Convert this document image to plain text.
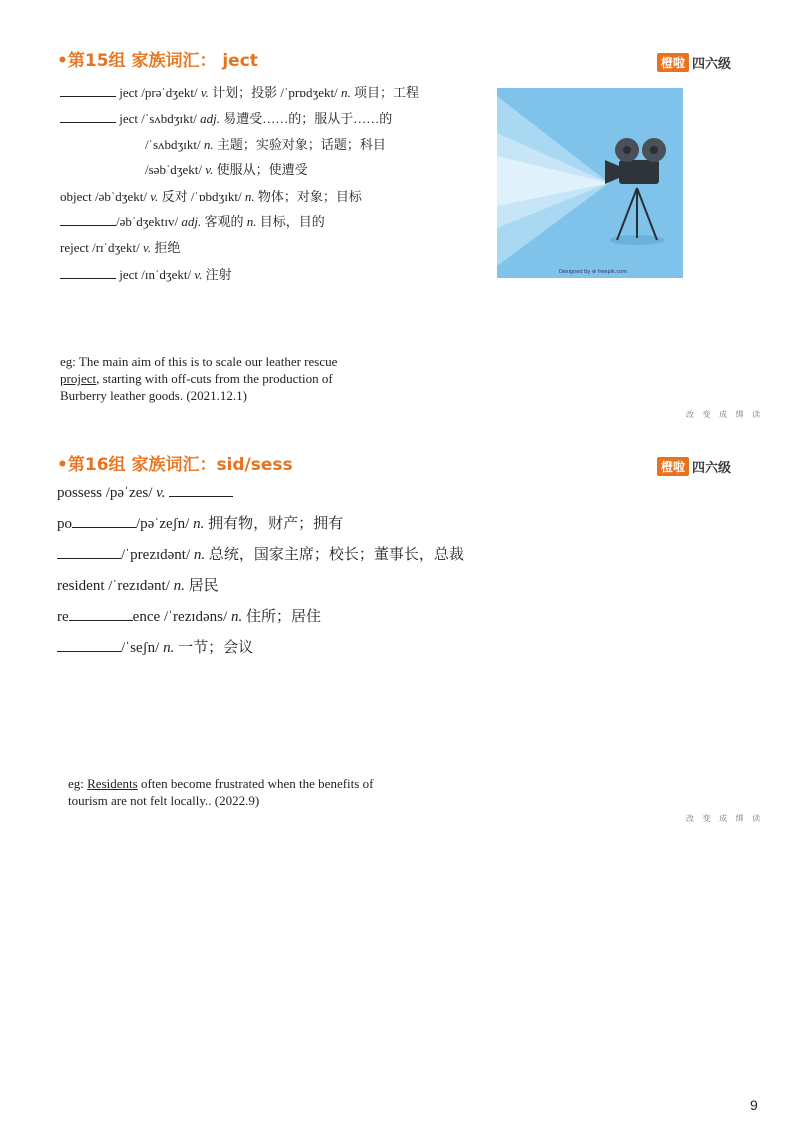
•第15组 家族词汇： ject	橙啦 四六级
ject /prəˈdʒekt/ v. 计划；投影 /ˈprɒdʒekt/ n. 项目；工程
ject /ˈsʌbdʒɪkt/ adj. 易遭受……的；服从于……的
/ˈsʌbdʒɪkt/ n. 主题；实验对象；话题；科目
/səbˈdʒekt/ v. 使服从；使遭受
object /əbˈdʒekt/ v. 反对 /ˈɒbdʒɪkt/ n. 物体；对象；目标
/əbˈdʒektɪv/ adj. 客观的 n. 目标，目的
reject /rɪˈdʒekt/ v. 拒绝
ject /ɪnˈdʒekt/ v. 注射	Designed by ⊕ freepik.com
eg: The main aim of this is to scale our leather rescue
project, starting with off-cuts from the production of
Burberry leather goods. (2021.12.1)
改 变 成 绑 读
•第16组 家族词汇：sid/sess	橙啦 四六级
possess /pəˈzes/ v.
po	/pəˈzeʃn/ n. 拥有物，财产；拥有
/ˈprezɪdənt/ n. 总统，国家主席；校长；董事长，总裁
resident /ˈrezɪdənt/ n. 居民
re	ence /ˈrezɪdəns/ n. 住所；居住
/ˈseʃn/ n. 一节；会议
eg: Residents often become frustrated when the benefits of
tourism are not felt locally.. (2022.9)
改 变 成 绑 读
9
